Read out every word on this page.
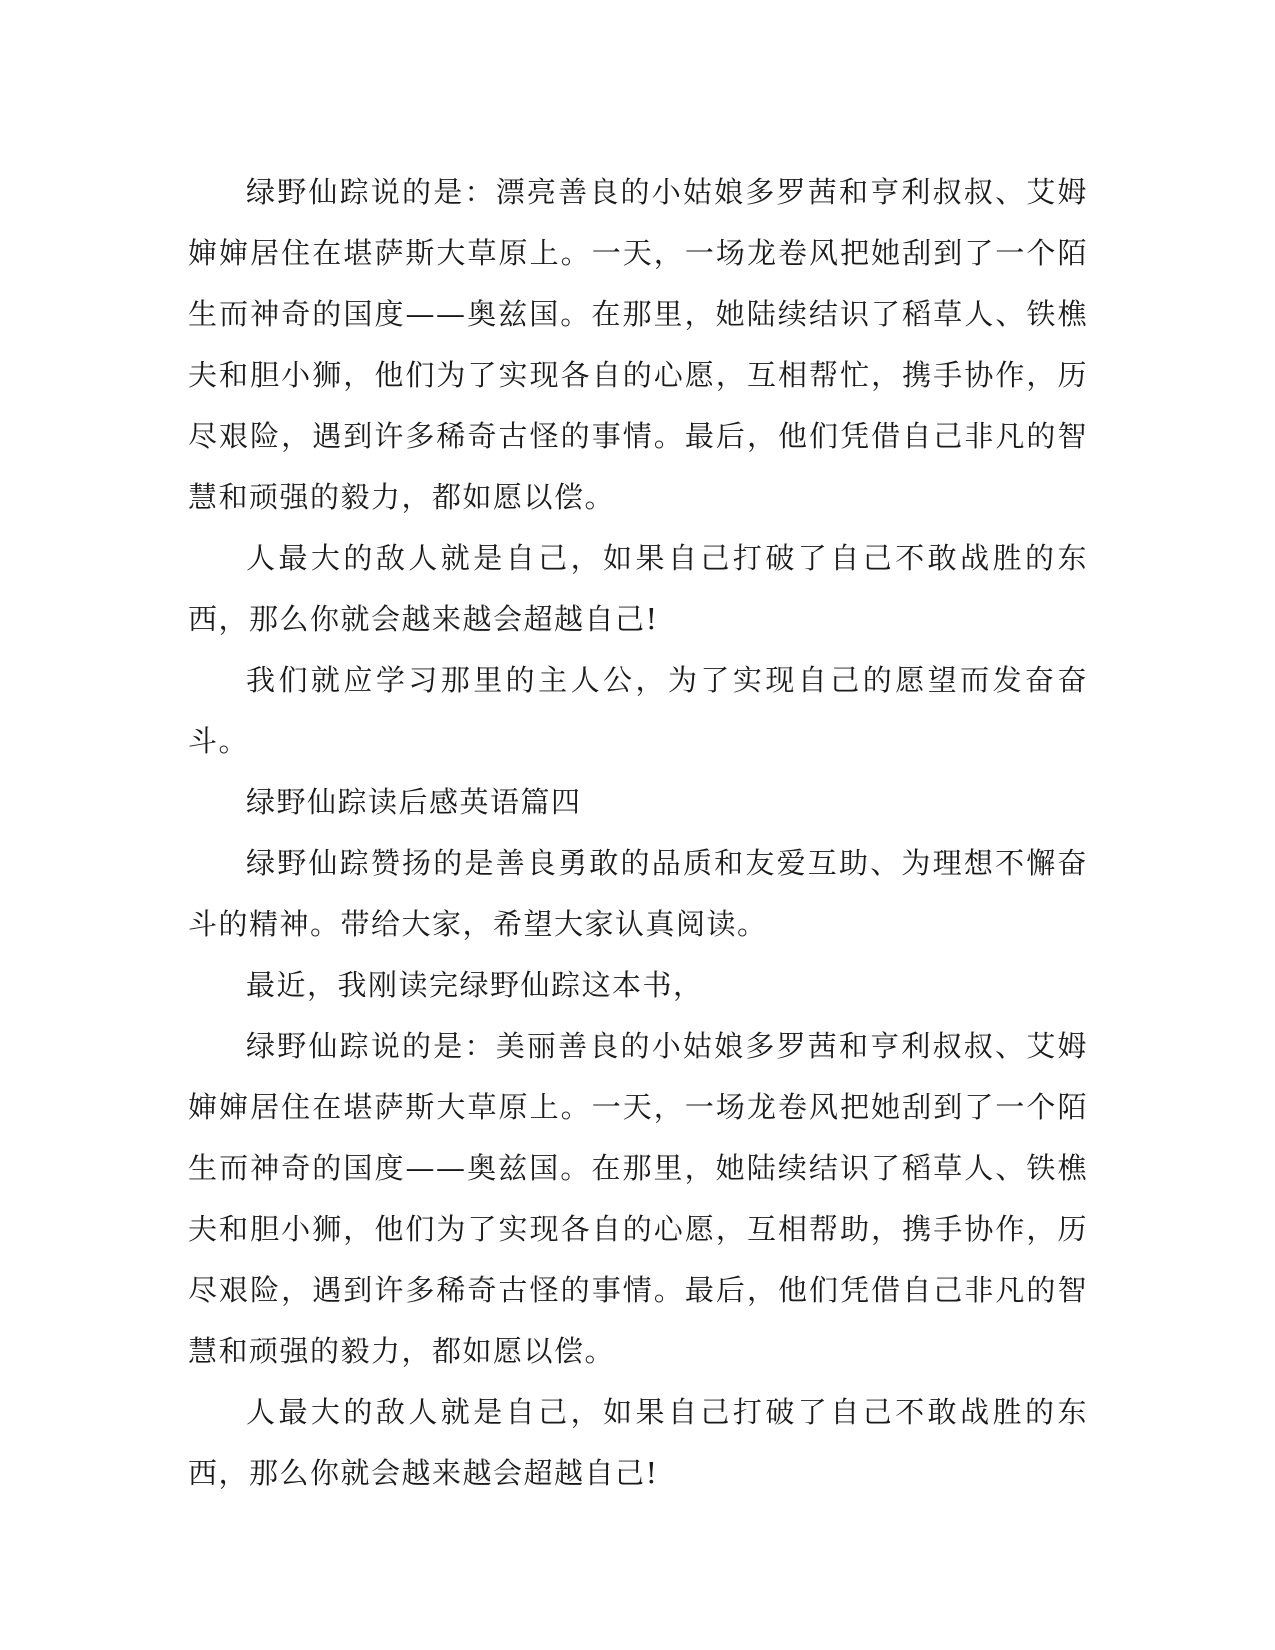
绿野仙踪说的是：漂亮善良的小姑娘多罗茜和亨利叔叔、艾姆婶婶居住在堪萨斯大草原上。一天，一场龙卷风把她刮到了一个陌生而神奇的国度——奥兹国。在那里，她陆续结识了稻草人、铁樵夫和胆小狮，他们为了实现各自的心愿，互相帮忙，携手协作，历尽艰险，遇到许多稀奇古怪的事情。最后，他们凭借自己非凡的智慧和顽强的毅力，都如愿以偿。

人最大的敌人就是自己，如果自己打破了自己不敢战胜的东西，那么你就会越来越会超越自己!

我们就应学习那里的主人公，为了实现自己的愿望而发奋奋斗。

绿野仙踪读后感英语篇四

绿野仙踪赞扬的是善良勇敢的品质和友爱互助、为理想不懈奋斗的精神。带给大家，希望大家认真阅读。

最近，我刚读完绿野仙踪这本书，

绿野仙踪说的是：美丽善良的小姑娘多罗茜和亨利叔叔、艾姆婶婶居住在堪萨斯大草原上。一天，一场龙卷风把她刮到了一个陌生而神奇的国度——奥兹国。在那里，她陆续结识了稻草人、铁樵夫和胆小狮，他们为了实现各自的心愿，互相帮助，携手协作，历尽艰险，遇到许多稀奇古怪的事情。最后，他们凭借自己非凡的智慧和顽强的毅力，都如愿以偿。

人最大的敌人就是自己，如果自己打破了自己不敢战胜的东西，那么你就会越来越会超越自己!
